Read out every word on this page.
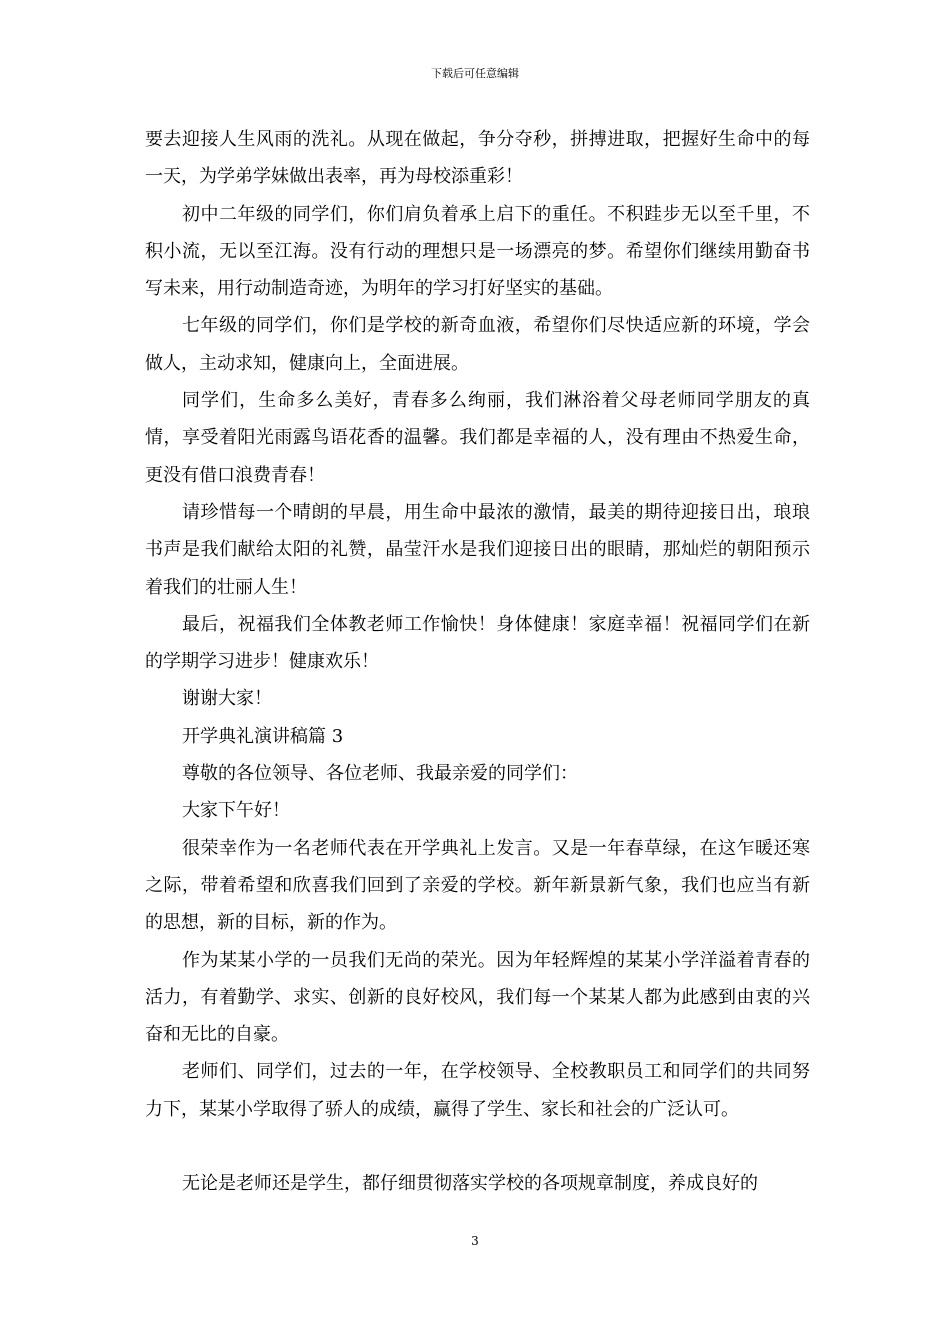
下载后可任意编辑

要去迎接人生风雨的洗礼。从现在做起，争分夺秒，拼搏进取，把握好生命中的每一天，为学弟学妹做出表率，再为母校添重彩！

初中二年级的同学们，你们肩负着承上启下的重任。不积跬步无以至千里，不积小流，无以至江海。没有行动的理想只是一场漂亮的梦。希望你们继续用勤奋书写未来，用行动制造奇迹，为明年的学习打好坚实的基础。

七年级的同学们，你们是学校的新奇血液，希望你们尽快适应新的环境，学会做人，主动求知，健康向上，全面进展。

同学们，生命多么美好，青春多么绚丽，我们淋浴着父母老师同学朋友的真情，享受着阳光雨露鸟语花香的温馨。我们都是幸福的人，没有理由不热爱生命，更没有借口浪费青春！

请珍惜每一个晴朗的早晨，用生命中最浓的激情，最美的期待迎接日出，琅琅书声是我们献给太阳的礼赞，晶莹汗水是我们迎接日出的眼睛，那灿烂的朝阳预示着我们的壮丽人生！

最后，祝福我们全体教老师工作愉快！身体健康！家庭幸福！祝福同学们在新的学期学习进步！健康欢乐！

谢谢大家！

开学典礼演讲稿篇 3

尊敬的各位领导、各位老师、我最亲爱的同学们：

大家下午好！

很荣幸作为一名老师代表在开学典礼上发言。又是一年春草绿，在这乍暖还寒之际，带着希望和欣喜我们回到了亲爱的学校。新年新景新气象，我们也应当有新的思想，新的目标，新的作为。

作为某某小学的一员我们无尚的荣光。因为年轻辉煌的某某小学洋溢着青春的活力，有着勤学、求实、创新的良好校风，我们每一个某某人都为此感到由衷的兴奋和无比的自豪。

老师们、同学们，过去的一年，在学校领导、全校教职员工和同学们的共同努力下，某某小学取得了骄人的成绩，赢得了学生、家长和社会的广泛认可。

无论是老师还是学生，都仔细贯彻落实学校的各项规章制度，养成良好的

3
